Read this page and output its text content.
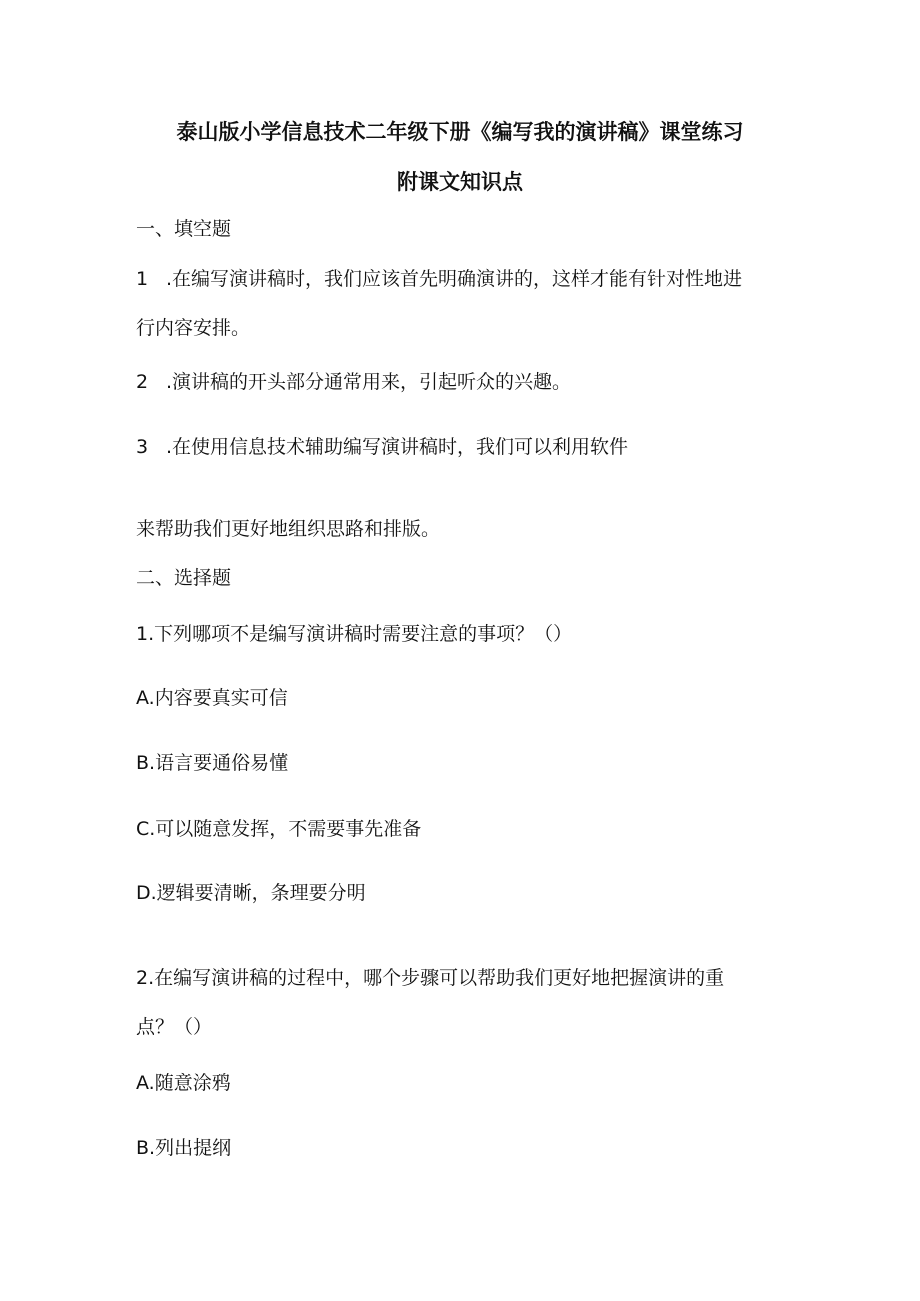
泰山版小学信息技术二年级下册《编写我的演讲稿》课堂练习
附课文知识点
一、填空题
1 .在编写演讲稿时，我们应该首先明确演讲的，这样才能有针对性地进
行内容安排。
2 .演讲稿的开头部分通常用来，引起听众的兴趣。
3 .在使用信息技术辅助编写演讲稿时，我们可以利用软件
来帮助我们更好地组织思路和排版。
二、选择题
1.下列哪项不是编写演讲稿时需要注意的事项？（）
A.内容要真实可信
B.语言要通俗易懂
C.可以随意发挥，不需要事先准备
D.逻辑要清晰，条理要分明
2.在编写演讲稿的过程中，哪个步骤可以帮助我们更好地把握演讲的重
点？（）
A.随意涂鸦
B.列出提纲
